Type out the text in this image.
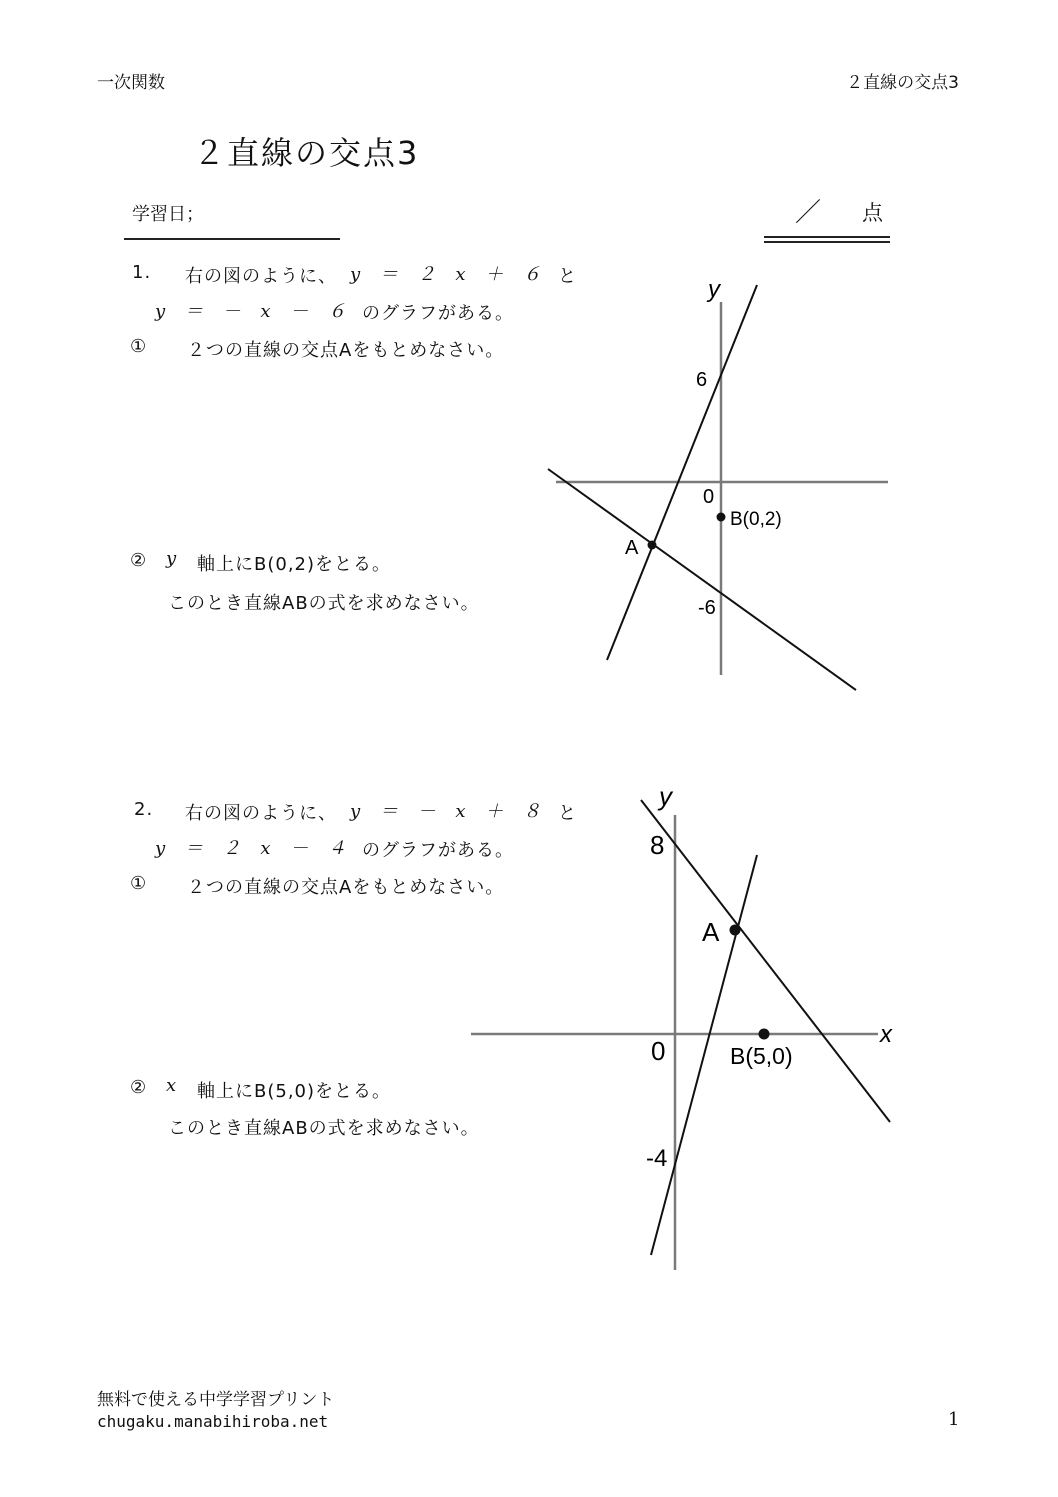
一次関数	２直線の交点3
２直線の交点3
学習日；	／ 点
1. 右の図のように、 y ＝ ２ x ＋ ６ と
y ＝ － x － ６ のグラフがある。
① ２つの直線の交点Aをもとめなさい。
② y 軸上にB(0,2)をとる。
このとき直線ABの式を求めなさい。
2. 右の図のように、 y ＝ － x ＋ ８ と
y ＝ ２ x － ４ のグラフがある。
① ２つの直線の交点Aをもとめなさい。
② x 軸上にB(5,0)をとる。
このとき直線ABの式を求めなさい。
y
6
0
B(0,2)
A
-6
y
x
8
A
0	B(5,0)
-4
無料で使える中学学習プリント
chugaku.manabihiroba.net	1
